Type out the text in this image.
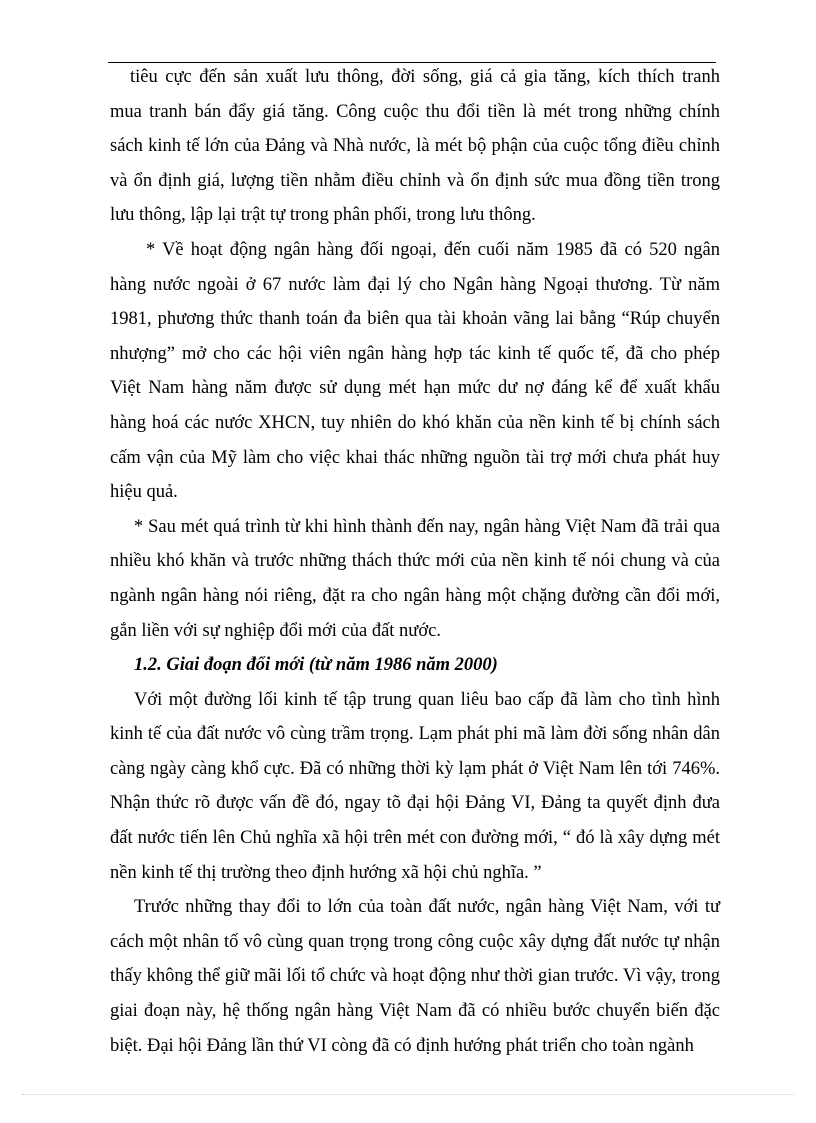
tiêu cực đến sản xuất lưu thông, đời sống, giá cả gia tăng, kích thích tranh
mua tranh bán đẩy giá tăng. Công cuộc thu đổi tiền là mét trong những chính
sách kinh tế lớn của Đảng và Nhà nước, là mét bộ phận của cuộc tổng điều chỉnh
và ổn định giá, lượng tiền nhằm điều chỉnh và ổn định sức mua đồng tiền trong
lưu thông, lập lại trật tự trong phân phối, trong lưu thông.
* Về hoạt động ngân hàng đối ngoại, đến cuối năm 1985 đã có 520 ngân
hàng nước ngoài ở 67 nước làm đại lý cho Ngân hàng Ngoại thương. Từ năm
1981, phương thức thanh toán đa biên qua tài khoản vãng lai bằng “Rúp chuyển
nhượng” mở cho các hội viên ngân hàng hợp tác kinh tế quốc tế, đã cho phép
Việt Nam hàng năm được sử dụng mét hạn mức dư nợ đáng kể để xuất khẩu
hàng hoá các nước XHCN, tuy nhiên do khó khăn của nền kinh tế bị chính sách
cấm vận của Mỹ làm cho việc khai thác những nguồn tài trợ mới chưa phát huy
hiệu quả.
* Sau mét quá trình từ khi hình thành đến nay, ngân hàng Việt Nam đã trải qua
nhiều khó khăn và trước những thách thức mới của nền kinh tế nói chung và của
ngành ngân hàng nói riêng, đặt ra cho ngân hàng một chặng đường cần đổi mới,
gắn liền với sự nghiệp đổi mới của đất nước.
1.2. Giai đoạn đổi mới (từ năm 1986 năm 2000)
Với một đường lối kinh tế tập trung quan liêu bao cấp đã làm cho tình hình
kinh tế của đất nước vô cùng trầm trọng. Lạm phát phi mã làm đời sống nhân dân
càng ngày càng khổ cực. Đã có những thời kỳ lạm phát ở Việt Nam lên tới 746%.
Nhận thức rõ được vấn đề đó, ngay tõ đại hội Đảng VI, Đảng ta quyết định đưa
đất nước tiến lên Chủ nghĩa xã hội trên mét con đường mới, “ đó là xây dựng mét
nền kinh tế thị trường theo định hướng xã hội chủ nghĩa. ”
Trước những thay đổi to lớn của toàn đất nước, ngân hàng Việt Nam, với tư
cách một nhân tố vô cùng quan trọng trong công cuộc xây dựng đất nước tự nhận
thấy không thể giữ mãi lối tổ chức và hoạt động như thời gian trước. Vì vậy, trong
giai đoạn này, hệ thống ngân hàng Việt Nam đã có nhiều bước chuyển biến đặc
biệt. Đại hội Đảng lần thứ VI còng đã có định hướng phát triển cho toàn ngành
